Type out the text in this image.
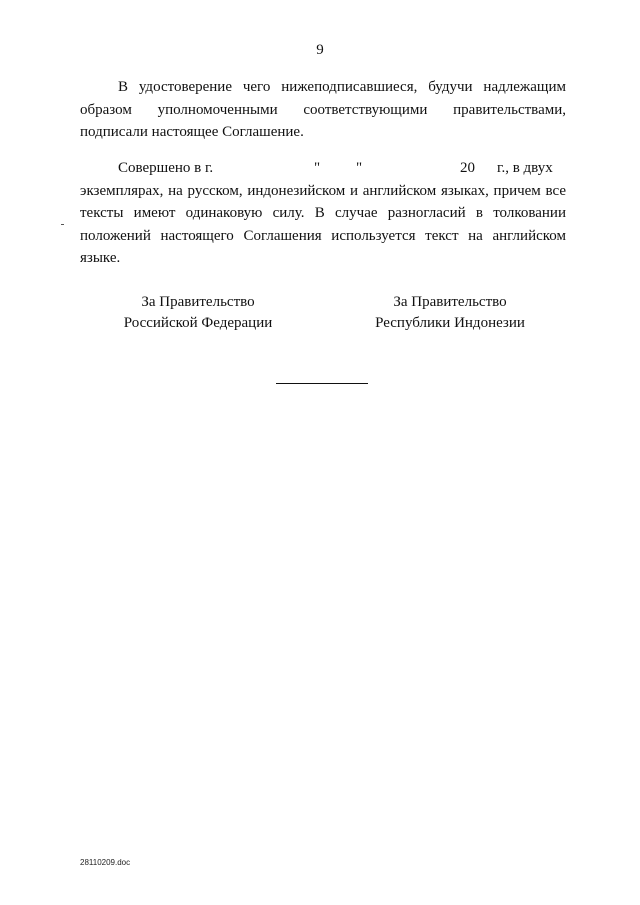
9
В удостоверение чего нижеподписавшиеся, будучи надлежащим
образом уполномоченными соответствующими правительствами,
подписали настоящее Соглашение.
Совершено в г.	" "	20 г., в двух
экземплярах, на русском, индонезийском и английском языках, причем все
тексты имеют одинаковую силу. В случае разногласий в толковании
положений настоящего Соглашения используется текст на английском
языке.
За Правительство
Российской Федерации
За Правительство
Республики Индонезии
28110209.doc
